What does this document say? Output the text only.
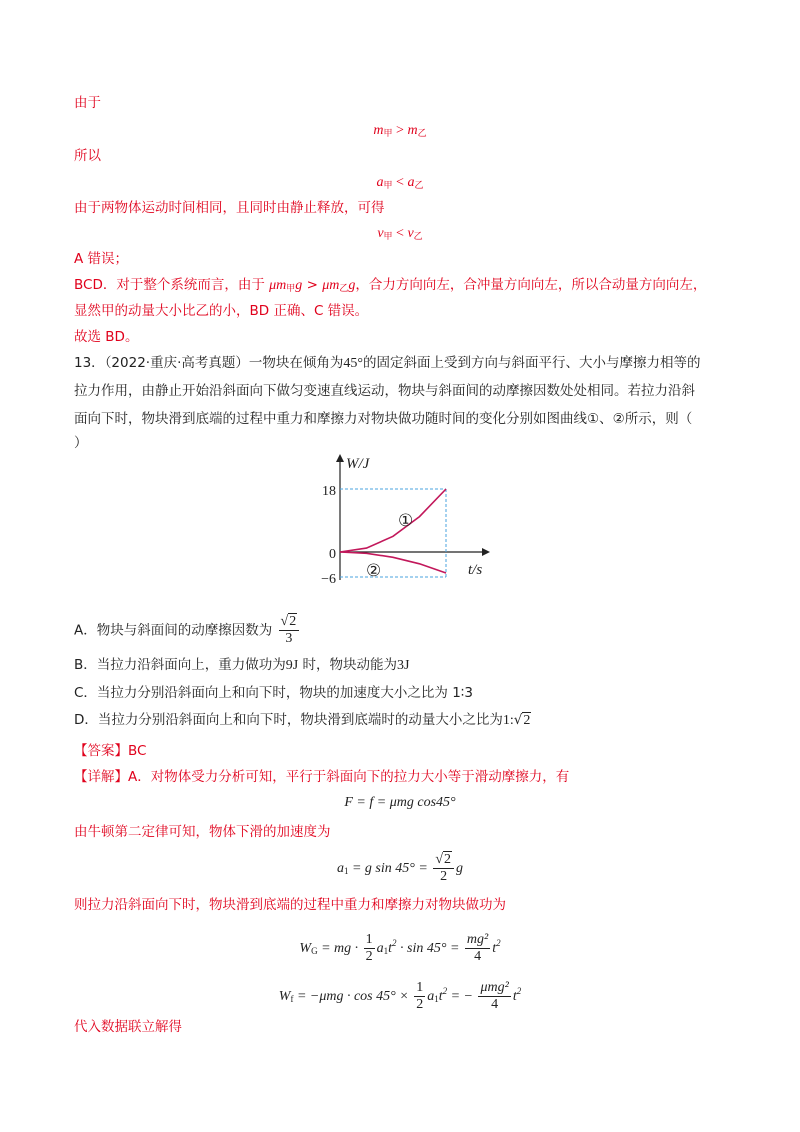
由于
$m_甲 > m_乙$
所以
$a_甲 < a_乙$
由于两物体运动时间相同，且同时由静止释放，可得
$v_甲 < v_乙$
A 错误；
BCD．对于整个系统而言，由于 $\mu m_甲g > \mu m_乙g$，合力方向向左，合冲量方向向左，所以合动量方向向左，
显然甲的动量大小比乙的小，BD 正确、C 错误。
故选 BD。
13．（2022·重庆·高考真题）一物块在倾角为45°的固定斜面上受到方向与斜面平行、大小与摩擦力相等的
拉力作用，由静止开始沿斜面向下做匀变速直线运动，物块与斜面间的动摩擦因数处处相同。若拉力沿斜
面向下时，物块滑到底端的过程中重力和摩擦力对物块做功随时间的变化分别如图曲线①、②所示，则（
）
W/J
t/s
18
0
−6
①
②
A．物块与斜面间的动摩擦因数为 $\frac{√2}{3}$
B．当拉力沿斜面向上，重力做功为9J 时，物块动能为3J
C．当拉力分别沿斜面向上和向下时，物块的加速度大小之比为 1∶3
D．当拉力分别沿斜面向上和向下时，物块滑到底端时的动量大小之比为1:√2
【答案】BC
【详解】A．对物体受力分析可知，平行于斜面向下的拉力大小等于滑动摩擦力，有
F = f = μmg cos45°
由牛顿第二定律可知，物体下滑的加速度为
$a_1 = g$ $\sin 45^\circ = \frac{√2}{2}$ g
则拉力沿斜面向下时，物块滑到底端的过程中重力和摩擦力对物块做功为
$W_G$ = mg · $\frac{1}{2} a_1t^2 \cdot \sin 45^\circ = \frac{\text{mg²}}{4} t^2$
$W_f = -\mu mg \cdot \cos 45^\circ \times \frac{1}{2} a_1t^2$ = − $\frac{\text{μmg²}}{4} t^2$
代入数据联立解得
